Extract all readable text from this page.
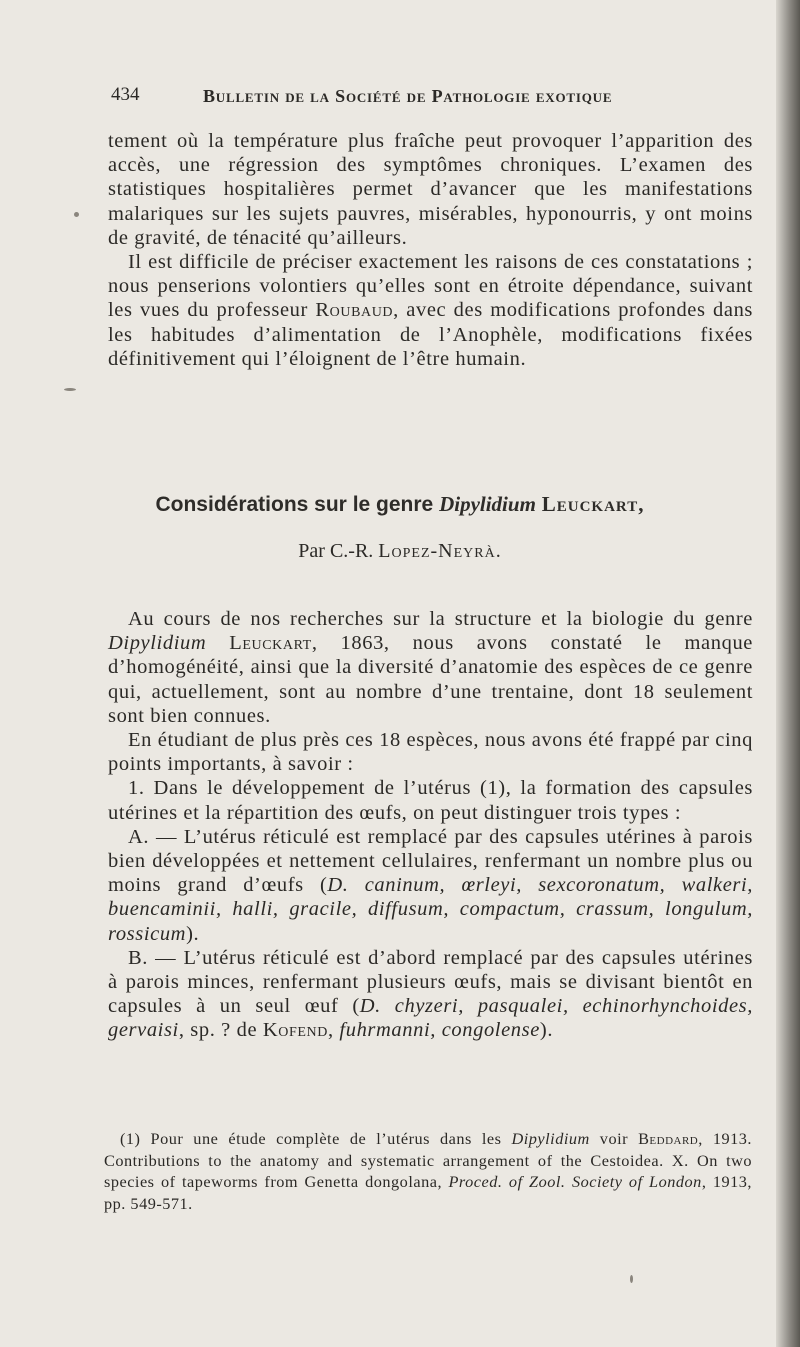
434	Bulletin de la Société de Pathologie exotique

tement où la température plus fraîche peut provoquer l’apparition des accès, une régression des symptômes chroniques. L’examen des statistiques hospitalières permet d’avancer que les manifestations malariques sur les sujets pauvres, misérables, hyponourris, y ont moins de gravité, de ténacité qu’ailleurs.

Il est difficile de préciser exactement les raisons de ces constatations ; nous penserions volontiers qu’elles sont en étroite dépendance, suivant les vues du professeur Roubaud, avec des modifications profondes dans les habitudes d’alimentation de l’Anophèle, modifications fixées définitivement qui l’éloignent de l’être humain.

Considérations sur le genre Dipylidium Leuckart,
Par C.-R. Lopez-Neyrà.

Au cours de nos recherches sur la structure et la biologie du genre Dipylidium Leuckart, 1863, nous avons constaté le manque d’homogénéité, ainsi que la diversité d’anatomie des espèces de ce genre qui, actuellement, sont au nombre d’une trentaine, dont 18 seulement sont bien connues.

En étudiant de plus près ces 18 espèces, nous avons été frappé par cinq points importants, à savoir :

1. Dans le développement de l’utérus (1), la formation des capsules utérines et la répartition des œufs, on peut distinguer trois types :

A. — L’utérus réticulé est remplacé par des capsules utérines à parois bien développées et nettement cellulaires, renfermant un nombre plus ou moins grand d’œufs (D. caninum, œrleyi, sexcoronatum, walkeri, buencaminii, halli, gracile, diffusum, compactum, crassum, longulum, rossicum).

B. — L’utérus réticulé est d’abord remplacé par des capsules utérines à parois minces, renfermant plusieurs œufs, mais se divisant bientôt en capsules à un seul œuf (D. chyzeri, pasqualei, echinorhynchoides, gervaisi, sp. ? de Kofend, fuhrmanni, congolense).

(1) Pour une étude complète de l’utérus dans les Dipylidium voir Beddard, 1913. Contributions to the anatomy and systematic arrangement of the Cestoidea. X. On two species of tapeworms from Genetta dongolana, Proced. of Zool. Society of London, 1913, pp. 549-571.
